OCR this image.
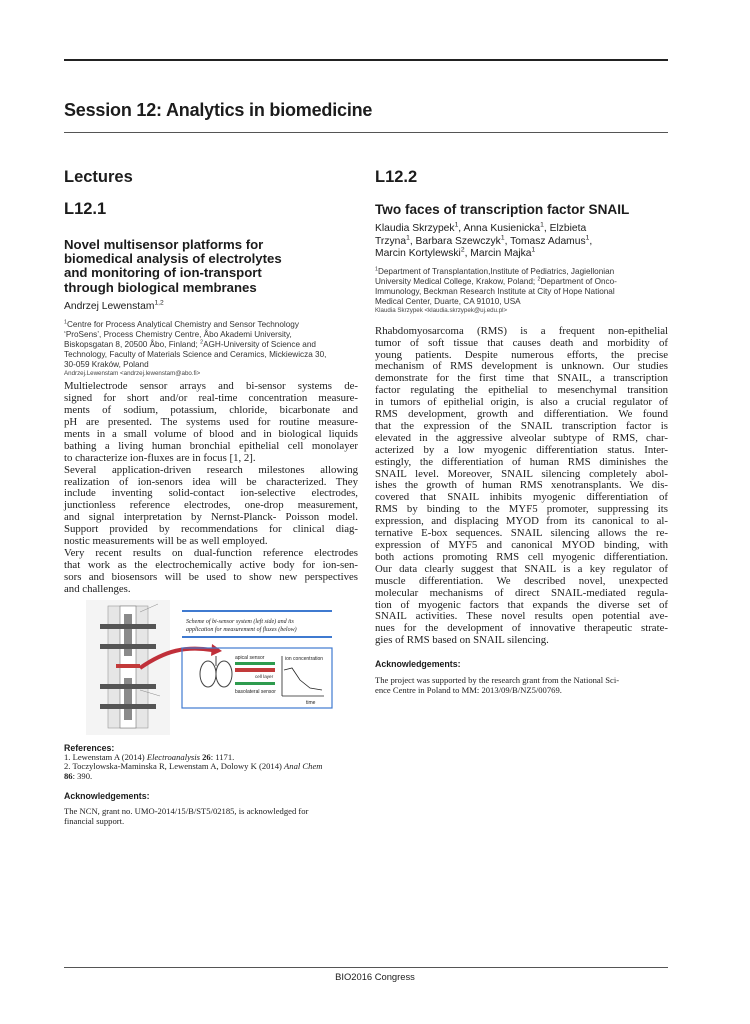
Session 12: Analytics in biomedicine
Lectures
L12.1
Novel multisensor platforms for
biomedical analysis of electrolytes
and monitoring of ion-transport
through biological membranes
Andrzej Lewenstam$^{1,2}$
$^1$Centre for Process Analytical Chemistry and Sensor Technology
‘ProSens’, Process Chemistry Centre, Åbo Akademi University,
Biskopsgatan 8, 20500 Åbo, Finland; $^2$AGH-University of Science and
Technology, Faculty of Materials Science and Ceramics, Mickiewicza 30,
30-059 Kraków, Poland
Andrzej.Lewenstam <andrzej.lewenstam@abo.fi>
Multielectrode sensor arrays and bi-sensor systems de-
signed for short and/or real-time concentration measure-
ments of sodium, potassium, chloride, bicarbonate and
pH are presented. The systems used for routine measure-
ments in a small volume of blood and in biological liquids
bathing a living human bronchial epithelial cell monolayer
to characterize ion-fluxes are in focus [1, 2].
Several application-driven research milestones allowing
realization of ion-senors idea will be characterized. They
include inventing solid-contact ion-selective electrodes,
junctionless reference electrodes, one-drop measurement,
and signal interpretation by Nernst-Planck- Poisson model.
Support provided by recommendations for clinical diag-
nostic measurements will be as well employed.
Very recent results on dual-function reference electrodes
that work as the electrochemically active body for ion-sen-
sors and biosensors will be used to show new perspectives
and challenges.
Scheme of bi-sensor system (left side) and its
application for measurement of fluxes (below)
apical sensor
cell layer
basolateral sensor
ion concentration
time
References:
1. Lewenstam A (2014) Electroanalysis 26: 1171.
2. Toczylowska-Maminska R, Lewenstam A, Dolowy K (2014) Anal Chem
86: 390.
Acknowledgements:
The NCN, grant no. UMO-2014/15/B/ST5/02185, is acknowledged for
financial support.
L12.2
Two faces of transcription factor SNAIL
Klaudia Skrzypek$^1$, Anna Kusienicka$^1$, Elzbieta
Trzyna$^1$, Barbara Szewczyk$^1$, Tomasz Adamus$^1$,
Marcin Kortylewski$^2$, Marcin Majka$^1$
$^1$Department of Transplantation,Institute of Pediatrics, Jagiellonian
University Medical College, Krakow, Poland; $^2$Department of Onco-
Immunology, Beckman Research Institute at City of Hope National
Medical Center, Duarte, CA 91010, USA
Klaudia Skrzypek <klaudia.skrzypek@uj.edu.pl>
Rhabdomyosarcoma (RMS) is a frequent non-epithelial
tumor of soft tissue that causes death and morbidity of
young patients. Despite numerous efforts, the precise
mechanism of RMS development is unknown. Our studies
demonstrate for the first time that SNAIL, a transcription
factor regulating the epithelial to mesenchymal transition
in tumors of epithelial origin, is also a crucial regulator of
RMS development, growth and differentiation. We found
that the expression of the SNAIL transcription factor is
elevated in the aggressive alveolar subtype of RMS, char-
acterized by a low myogenic differentiation status. Inter-
estingly, the differentiation of human RMS diminishes the
SNAIL level. Moreover, SNAIL silencing completely abol-
ishes the growth of human RMS xenotransplants. We dis-
covered that SNAIL inhibits myogenic differentiation of
RMS by binding to the MYF5 promoter, suppressing its
expression, and displacing MYOD from its canonical to al-
ternative E-box sequences. SNAIL silencing allows the re-
expression of MYF5 and canonical MYOD binding, with
both actions promoting RMS cell myogenic differentiation.
Our data clearly suggest that SNAIL is a key regulator of
muscle differentiation. We described novel, unexpected
molecular mechanisms of direct SNAIL-mediated regula-
tion of myogenic factors that expands the diverse set of
SNAIL activities. These novel results open potential ave-
nues for the development of innovative therapeutic strate-
gies of RMS based on SNAIL silencing.
Acknowledgements:
The project was supported by the research grant from the National Sci-
ence Centre in Poland to MM: 2013/09/B/NZ5/00769.
BIO2016 Congress
